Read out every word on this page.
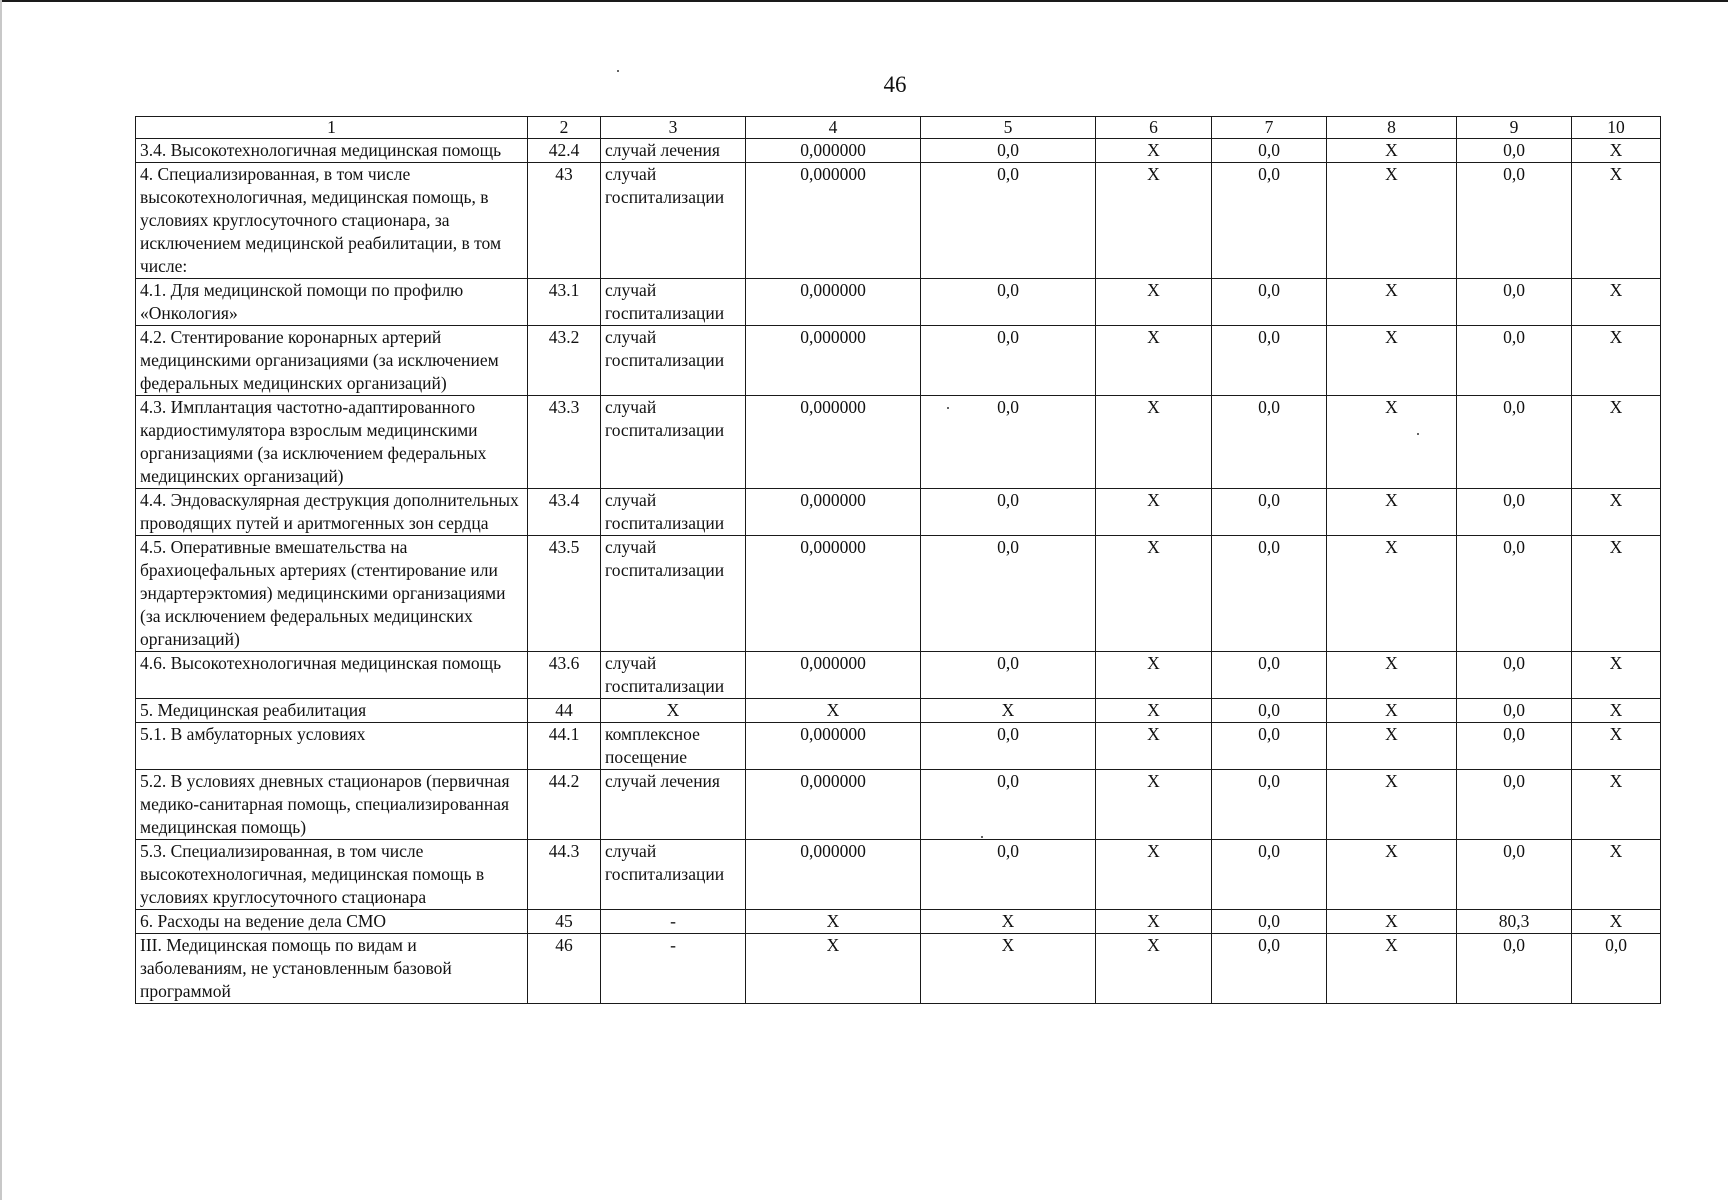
46
1	2	3	4	5	6	7	8	9	10
3.4. Высокотехнологичная медицинская помощь	42.4	случай лечения	0,000000	0,0	X	0,0	X	0,0	X
4. Специализированная, в том числе высокотехнологичная, медицинская помощь, в условиях круглосуточного стационара, за исключением медицинской реабилитации, в том числе:	43	случай госпитализации	0,000000	0,0	X	0,0	X	0,0	X
4.1. Для медицинской помощи по профилю «Онкология»	43.1	случай госпитализации	0,000000	0,0	X	0,0	X	0,0	X
4.2. Стентирование коронарных артерий медицинскими организациями (за исключением федеральных медицинских организаций)	43.2	случай госпитализации	0,000000	0,0	X	0,0	X	0,0	X
4.3. Имплантация частотно-адаптированного кардиостимулятора взрослым медицинскими организациями (за исключением федеральных медицинских организаций)	43.3	случай госпитализации	0,000000	0,0	X	0,0	X	0,0	X
4.4. Эндоваскулярная деструкция дополнительных проводящих путей и аритмогенных зон сердца	43.4	случай госпитализации	0,000000	0,0	X	0,0	X	0,0	X
4.5. Оперативные вмешательства на брахиоцефальных артериях (стентирование или эндартерэктомия) медицинскими организациями (за исключением федеральных медицинских организаций)	43.5	случай госпитализации	0,000000	0,0	X	0,0	X	0,0	X
4.6. Высокотехнологичная медицинская помощь	43.6	случай госпитализации	0,000000	0,0	X	0,0	X	0,0	X
5. Медицинская реабилитация	44	X	X	X	X	0,0	X	0,0	X
5.1. В амбулаторных условиях	44.1	комплексное посещение	0,000000	0,0	X	0,0	X	0,0	X
5.2. В условиях дневных стационаров (первичная медико-санитарная помощь, специализированная медицинская помощь)	44.2	случай лечения	0,000000	0,0	X	0,0	X	0,0	X
5.3. Специализированная, в том числе высокотехнологичная, медицинская помощь в условиях круглосуточного стационара	44.3	случай госпитализации	0,000000	0,0	X	0,0	X	0,0	X
6. Расходы на ведение дела СМО	45	-	X	X	X	0,0	X	80,3	X
III. Медицинская помощь по видам и заболеваниям, не установленным базовой программой	46	-	X	X	X	0,0	X	0,0	0,0
